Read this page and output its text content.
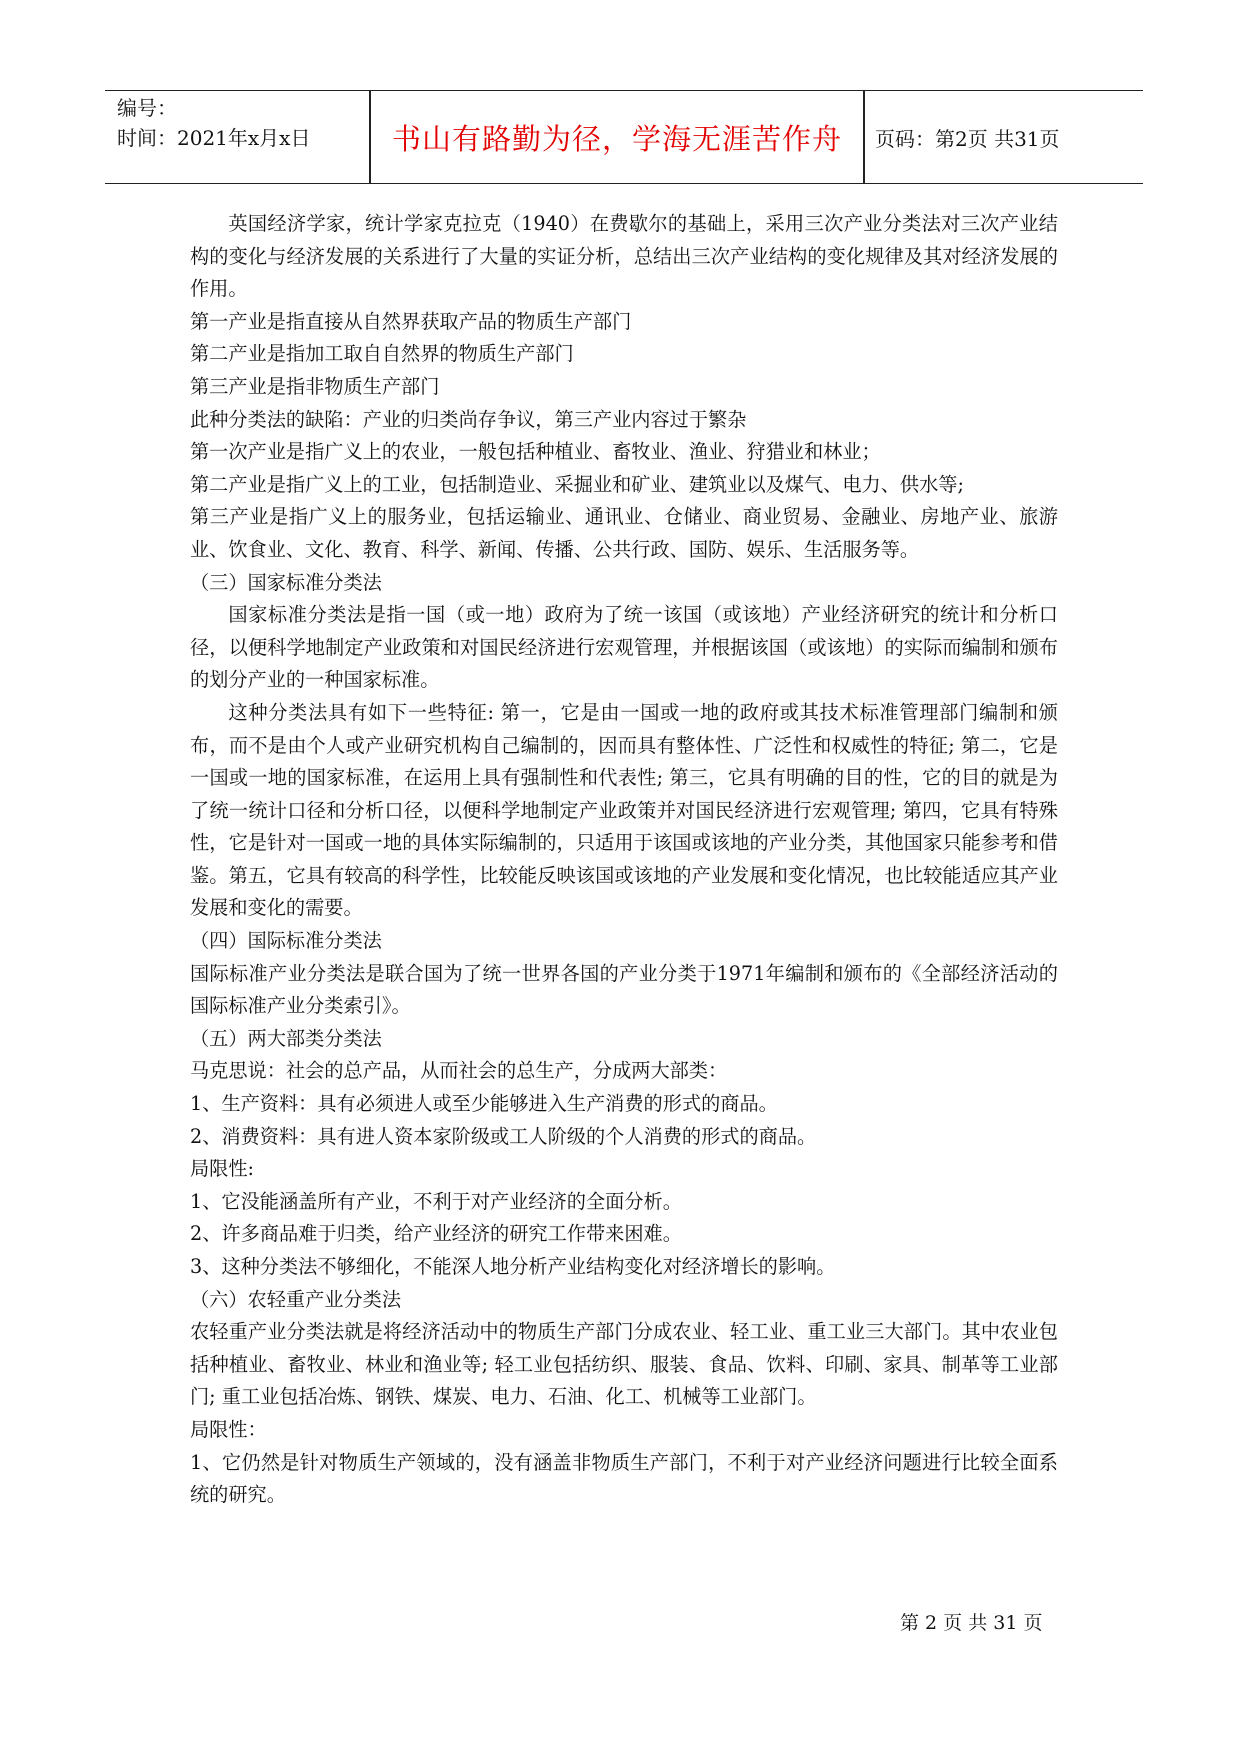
编号：
时间：2021年x月x日	书山有路勤为径，学海无涯苦作舟	页码：第2页 共31页

英国经济学家，统计学家克拉克（1940）在费歇尔的基础上，采用三次产业分类法对三次产业结构的变化与经济发展的关系进行了大量的实证分析，总结出三次产业结构的变化规律及其对经济发展的作用。

第一产业是指直接从自然界获取产品的物质生产部门

第二产业是指加工取自自然界的物质生产部门

第三产业是指非物质生产部门

此种分类法的缺陷：产业的归类尚存争议，第三产业内容过于繁杂

第一次产业是指广义上的农业，一般包括种植业、畜牧业、渔业、狩猎业和林业；

第二产业是指广义上的工业，包括制造业、采掘业和矿业、建筑业以及煤气、电力、供水等;

第三产业是指广义上的服务业，包括运输业、通讯业、仓储业、商业贸易、金融业、房地产业、旅游业、饮食业、文化、教育、科学、新闻、传播、公共行政、国防、娱乐、生活服务等。

（三）国家标准分类法

国家标准分类法是指一国（或一地）政府为了统一该国（或该地）产业经济研究的统计和分析口径，以便科学地制定产业政策和对国民经济进行宏观管理，并根据该国（或该地）的实际而编制和颁布的划分产业的一种国家标准。

这种分类法具有如下一些特征: 第一，它是由一国或一地的政府或其技术标准管理部门编制和颁布，而不是由个人或产业研究机构自己编制的，因而具有整体性、广泛性和权威性的特征; 第二，它是一国或一地的国家标准，在运用上具有强制性和代表性; 第三，它具有明确的目的性，它的目的就是为了统一统计口径和分析口径，以便科学地制定产业政策并对国民经济进行宏观管理; 第四，它具有特殊性，它是针对一国或一地的具体实际编制的，只适用于该国或该地的产业分类，其他国家只能参考和借鉴。第五，它具有较高的科学性，比较能反映该国或该地的产业发展和变化情况，也比较能适应其产业发展和变化的需要。

（四）国际标准分类法

国际标准产业分类法是联合国为了统一世界各国的产业分类于1971年编制和颁布的《全部经济活动的国际标准产业分类索引》。

（五）两大部类分类法

马克思说：社会的总产品，从而社会的总生产，分成两大部类：

1、生产资料：具有必须进人或至少能够进入生产消费的形式的商品。

2、消费资料：具有进人资本家阶级或工人阶级的个人消费的形式的商品。

局限性:

1、它没能涵盖所有产业，不利于对产业经济的全面分析。

2、许多商品难于归类，给产业经济的研究工作带来困难。

3、这种分类法不够细化，不能深人地分析产业结构变化对经济增长的影响。

（六）农轻重产业分类法

农轻重产业分类法就是将经济活动中的物质生产部门分成农业、轻工业、重工业三大部门。其中农业包括种植业、畜牧业、林业和渔业等; 轻工业包括纺织、服装、食品、饮料、印刷、家具、制革等工业部门; 重工业包括冶炼、钢铁、煤炭、电力、石油、化工、机械等工业部门。

局限性：

1、它仍然是针对物质生产领域的，没有涵盖非物质生产部门，不利于对产业经济问题进行比较全面系统的研究。

第 2 页 共 31 页
